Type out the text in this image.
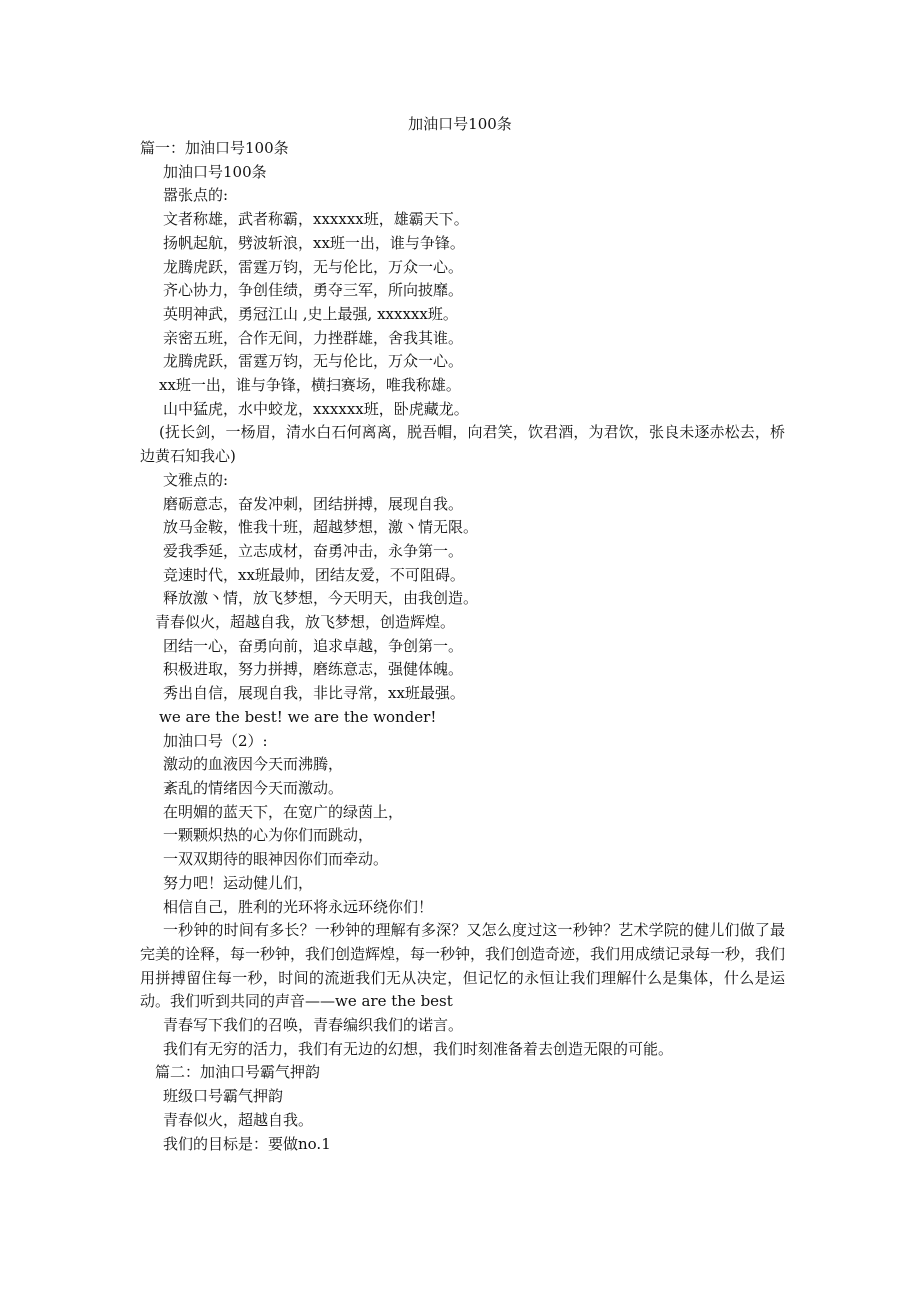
加油口号100条
篇一：加油口号100条
加油口号100条
嚣张点的:
文者称雄，武者称霸，xxxxxx班，雄霸天下。
扬帆起航，劈波斩浪，xx班一出，谁与争锋。
龙腾虎跃，雷霆万钧，无与伦比，万众一心。
齐心协力，争创佳绩，勇夺三军，所向披靡。
英明神武，勇冠江山 ,史上最强, xxxxxx班。
亲密五班，合作无间，力挫群雄，舍我其谁。
龙腾虎跃，雷霆万钧，无与伦比，万众一心。
xx班一出，谁与争锋，横扫赛场，唯我称雄。
山中猛虎，水中蛟龙，xxxxxx班，卧虎藏龙。
(抚长剑，一杨眉，清水白石何离离，脱吾帽，向君笑，饮君酒，为君饮，张良未逐赤松去，桥边黄石知我心)
文雅点的:
磨砺意志，奋发冲刺，团结拼搏，展现自我。
放马金鞍，惟我十班，超越梦想，激丶情无限。
爱我季延，立志成材，奋勇冲击，永争第一。
竞速时代，xx班最帅，团结友爱，不可阻碍。
释放激丶情，放飞梦想，今天明天，由我创造。
青春似火，超越自我，放飞梦想，创造辉煌。
团结一心，奋勇向前，追求卓越，争创第一。
积极进取，努力拼搏，磨练意志，强健体魄。
秀出自信，展现自我，非比寻常，xx班最强。
we are the best! we are the wonder!
加油口号（2）:
激动的血液因今天而沸腾，
紊乱的情绪因今天而激动。
在明媚的蓝天下，在宽广的绿茵上，
一颗颗炽热的心为你们而跳动，
一双双期待的眼神因你们而牵动。
努力吧！运动健儿们，
相信自己，胜利的光环将永远环绕你们！
一秒钟的时间有多长？一秒钟的理解有多深？又怎么度过这一秒钟？艺术学院的健儿们做了最完美的诠释，每一秒钟，我们创造辉煌，每一秒钟，我们创造奇迹，我们用成绩记录每一秒，我们用拼搏留住每一秒，时间的流逝我们无从决定，但记忆的永恒让我们理解什么是集体，什么是运动。我们听到共同的声音——we are the best
青春写下我们的召唤，青春编织我们的诺言。
我们有无穷的活力，我们有无边的幻想，我们时刻准备着去创造无限的可能。
篇二：加油口号霸气押韵
班级口号霸气押韵
青春似火，超越自我。
我们的目标是：要做no.1
